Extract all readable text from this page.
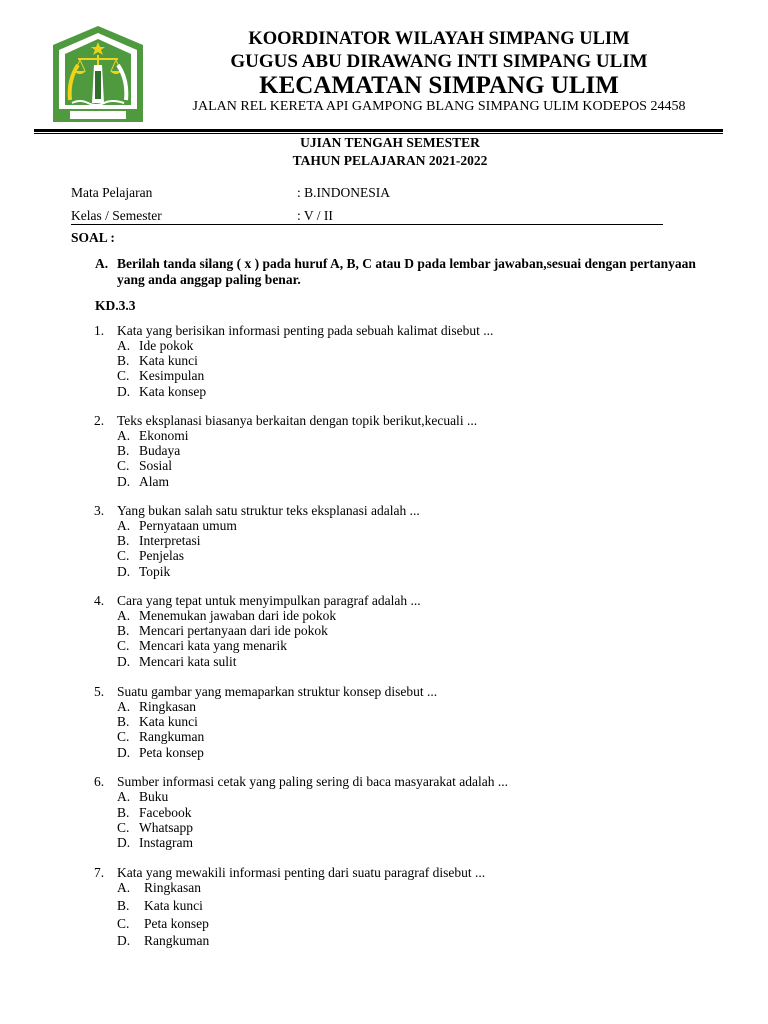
KOORDINATOR WILAYAH SIMPANG ULIM
GUGUS ABU DIRAWANG INTI SIMPANG ULIM
KECAMATAN SIMPANG ULIM
JALAN REL KERETA API GAMPONG BLANG SIMPANG ULIM KODEPOS 24458
UJIAN TENGAH SEMESTER
TAHUN PELAJARAN 2021-2022
Mata Pelajaran	: B.INDONESIA
Kelas / Semester	: V / II
SOAL :
A. Berilah tanda silang ( x ) pada huruf A, B, C atau D pada lembar jawaban,sesuai dengan pertanyaan yang anda anggap paling benar.
KD.3.3
1. Kata yang berisikan informasi penting pada sebuah kalimat disebut ...
A. Ide pokok
B. Kata kunci
C. Kesimpulan
D. Kata konsep
2. Teks eksplanasi biasanya berkaitan dengan topik berikut,kecuali ...
A. Ekonomi
B. Budaya
C. Sosial
D. Alam
3. Yang bukan salah satu struktur teks eksplanasi adalah ...
A. Pernyataan umum
B. Interpretasi
C. Penjelas
D. Topik
4. Cara yang tepat untuk menyimpulkan paragraf adalah ...
A. Menemukan jawaban dari ide pokok
B. Mencari pertanyaan dari ide pokok
C. Mencari kata yang menarik
D. Mencari kata sulit
5. Suatu gambar yang memaparkan struktur konsep disebut ...
A. Ringkasan
B. Kata kunci
C. Rangkuman
D. Peta konsep
6. Sumber informasi cetak yang paling sering di baca masyarakat adalah ...
A. Buku
B. Facebook
C. Whatsapp
D. Instagram
7. Kata yang mewakili informasi penting dari suatu paragraf disebut ...
A. Ringkasan
B. Kata kunci
C. Peta konsep
D. Rangkuman
